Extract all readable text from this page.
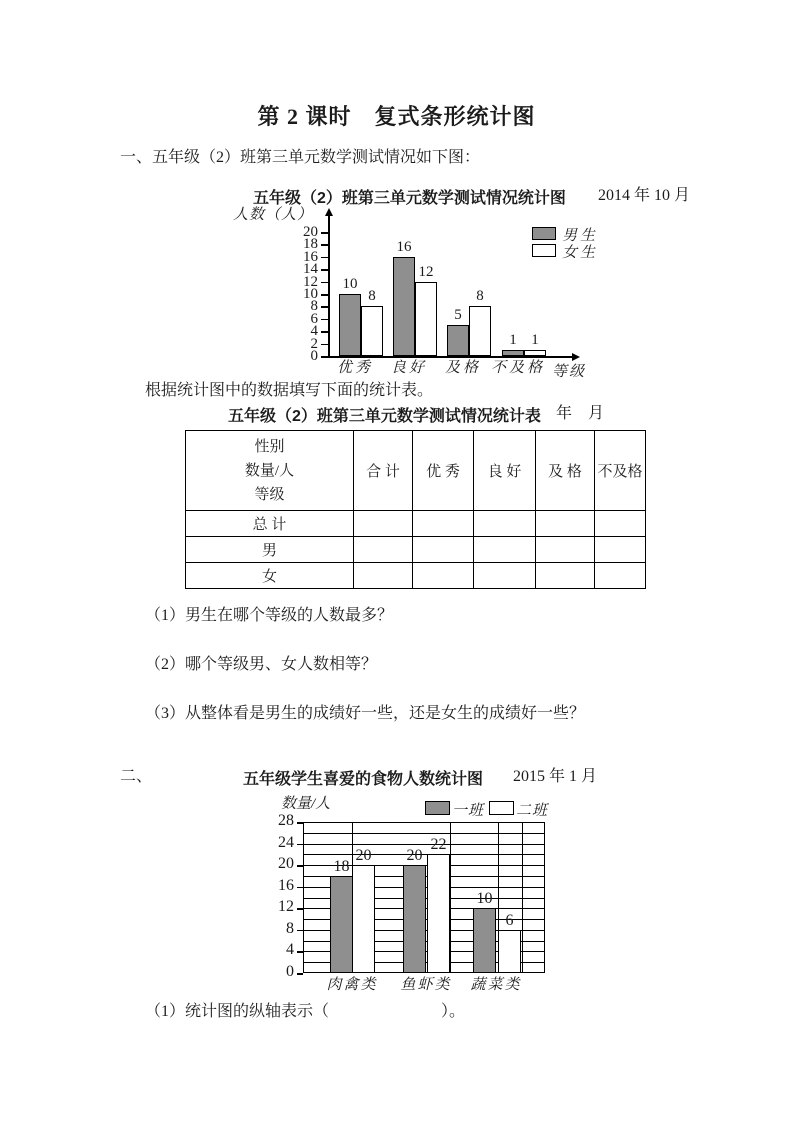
第 2 课时　复式条形统计图
一、五年级（2）班第三单元数学测试情况如下图：
五年级（2）班第三单元数学测试情况统计图 2014 年 10 月
人数（人）
0
2
4
6
8
10
12
14
16
18
20
10
16
5
1
8
12
8
1
优秀	良好	及格 不及格 等级
男生
女生
根据统计图中的数据填写下面的统计表。
五年级（2）班第三单元数学测试情况统计表 年　月
性别
数量/人
等级	合 计	优 秀	良 好	及 格	不及格
总 计					
男					
女					
（1）男生在哪个等级的人数最多？
（2）哪个等级男、女人数相等？
（3）从整体看是男生的成绩好一些，还是女生的成绩好一些？
二、	五年级学生喜爱的食物人数统计图 2015 年 1 月
数量/人
0
4
8
12
16
20
24
28
18
20
10
20
22
6
肉禽类	鱼虾类	蔬菜类
一班 二班
（1）统计图的纵轴表示（　　　　　　　）。
